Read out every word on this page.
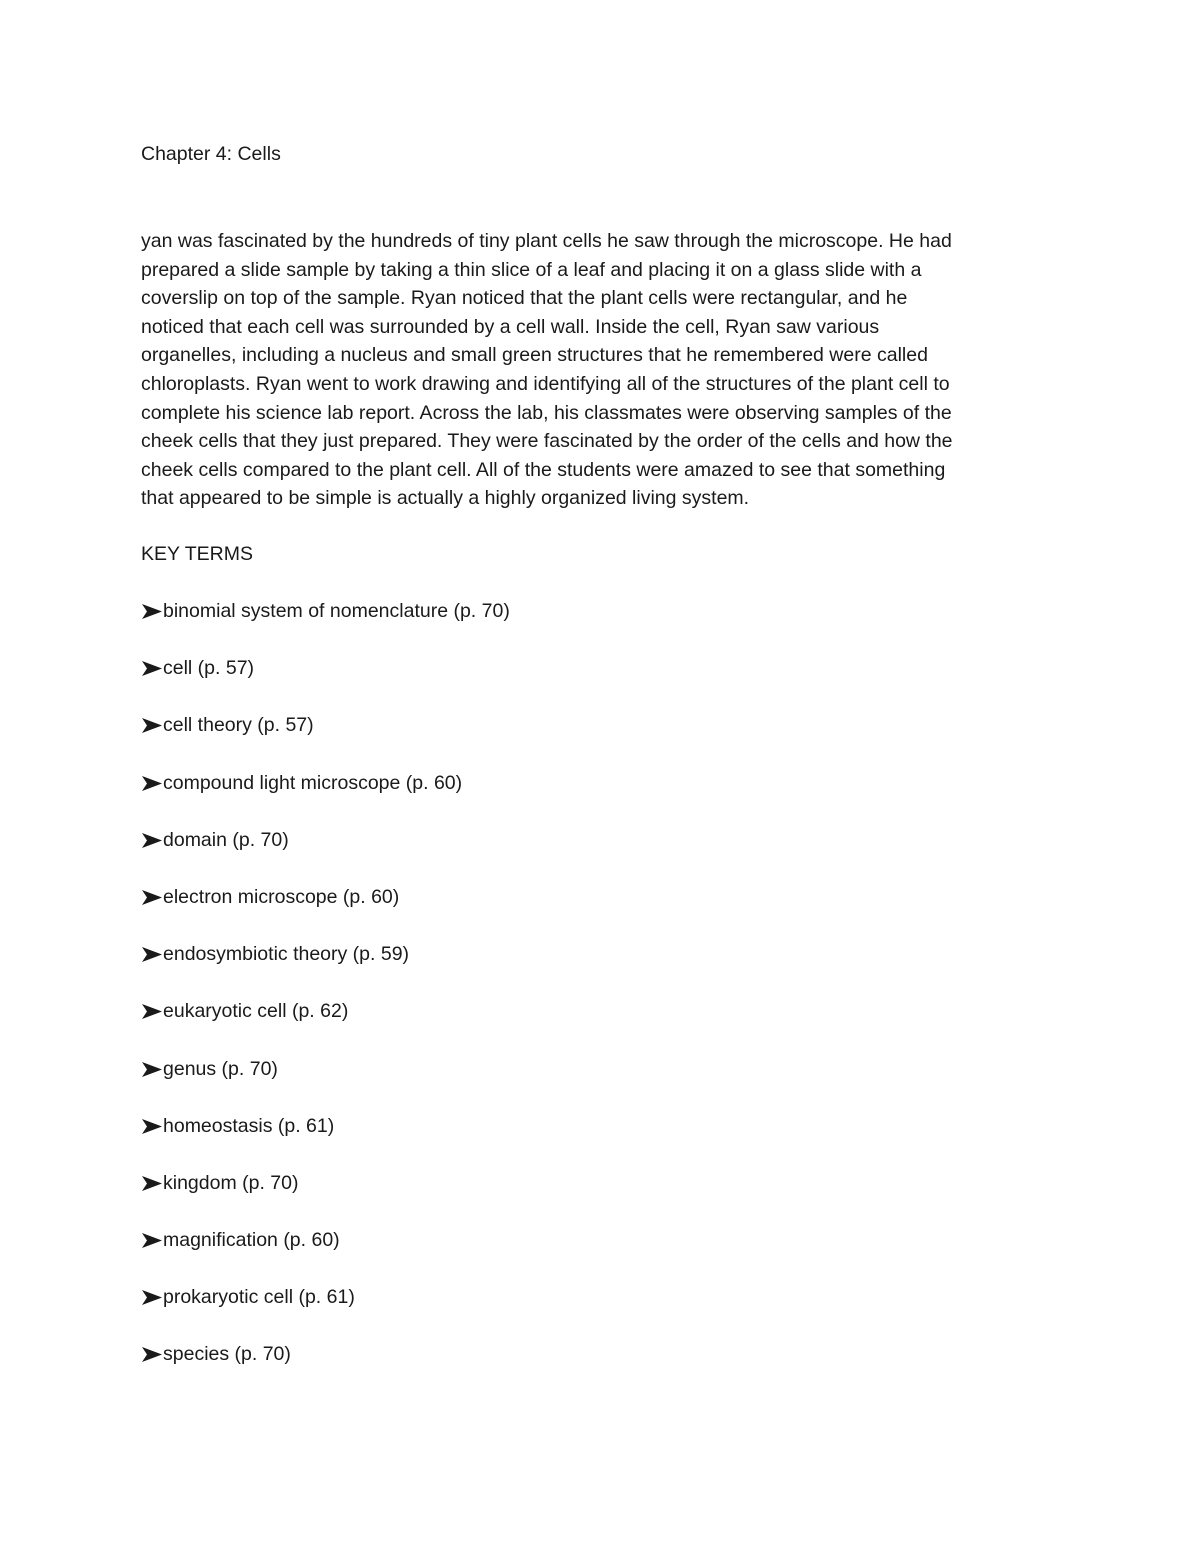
Chapter 4: Cells

yan was fascinated by the hundreds of tiny plant cells he saw through the microscope. He had
prepared a slide sample by taking a thin slice of a leaf and placing it on a glass slide with a
coverslip on top of the sample. Ryan noticed that the plant cells were rectangular, and he
noticed that each cell was surrounded by a cell wall. Inside the cell, Ryan saw various
organelles, including a nucleus and small green structures that he remembered were called
chloroplasts. Ryan went to work drawing and identifying all of the structures of the plant cell to
complete his science lab report. Across the lab, his classmates were observing samples of the
cheek cells that they just prepared. They were fascinated by the order of the cells and how the
cheek cells compared to the plant cell. All of the students were amazed to see that something
that appeared to be simple is actually a highly organized living system.

KEY TERMS
binomial system of nomenclature (p. 70)
cell (p. 57)
cell theory (p. 57)
compound light microscope (p. 60)
domain (p. 70)
electron microscope (p. 60)
endosymbiotic theory (p. 59)
eukaryotic cell (p. 62)
genus (p. 70)
homeostasis (p. 61)
kingdom (p. 70)
magnification (p. 60)
prokaryotic cell (p. 61)
species (p. 70)
